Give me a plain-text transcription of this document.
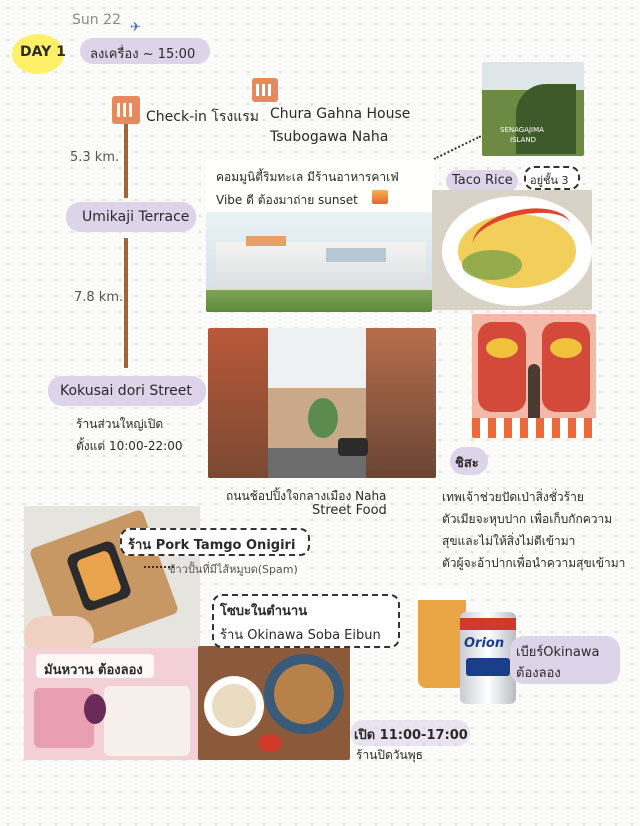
Sun 22 ✈
DAY 1 ลงเครื่อง ~ 15:00
Check-in โรงแรม Chura Gahna House
Tsubogawa Naha
5.3 km.
Umikaji Terrace
คอมมูนิตี้ริมทะเล มีร้านอาหารคาเฟ่
Vibe ดี ต้องมาถ่าย sunset
7.8 km.
SENAGAJIMA
ISLAND
Taco Rice อยู่ชั้น 3
Kokusai dori Street
ร้านส่วนใหญ่เปิด
ตั้งแต่ 10:00-22:00
ถนนช้อปปิ้งใจกลางเมือง Naha
Street Food
ชิสะ
เทพเจ้าช่วยปัดเป่าสิ่งชั่วร้าย
ตัวเมียจะหุบปาก เพื่อเก็บกักความ
สุขและไม่ให้สิ่งไม่ดีเข้ามา
ตัวผู้จะอ้าปากเพื่อนำความสุขเข้ามา
ร้าน Pork Tamgo Onigiri
ข้าวปั้นที่มีไส้หมูบด(Spam)
มันหวาน ต้องลอง
โซบะในตำนาน
ร้าน Okinawa Soba Eibun
เปิด 11:00-17:00
ร้านปิดวันพุธ
Orion
เบียร์Okinawa
ต้องลอง
